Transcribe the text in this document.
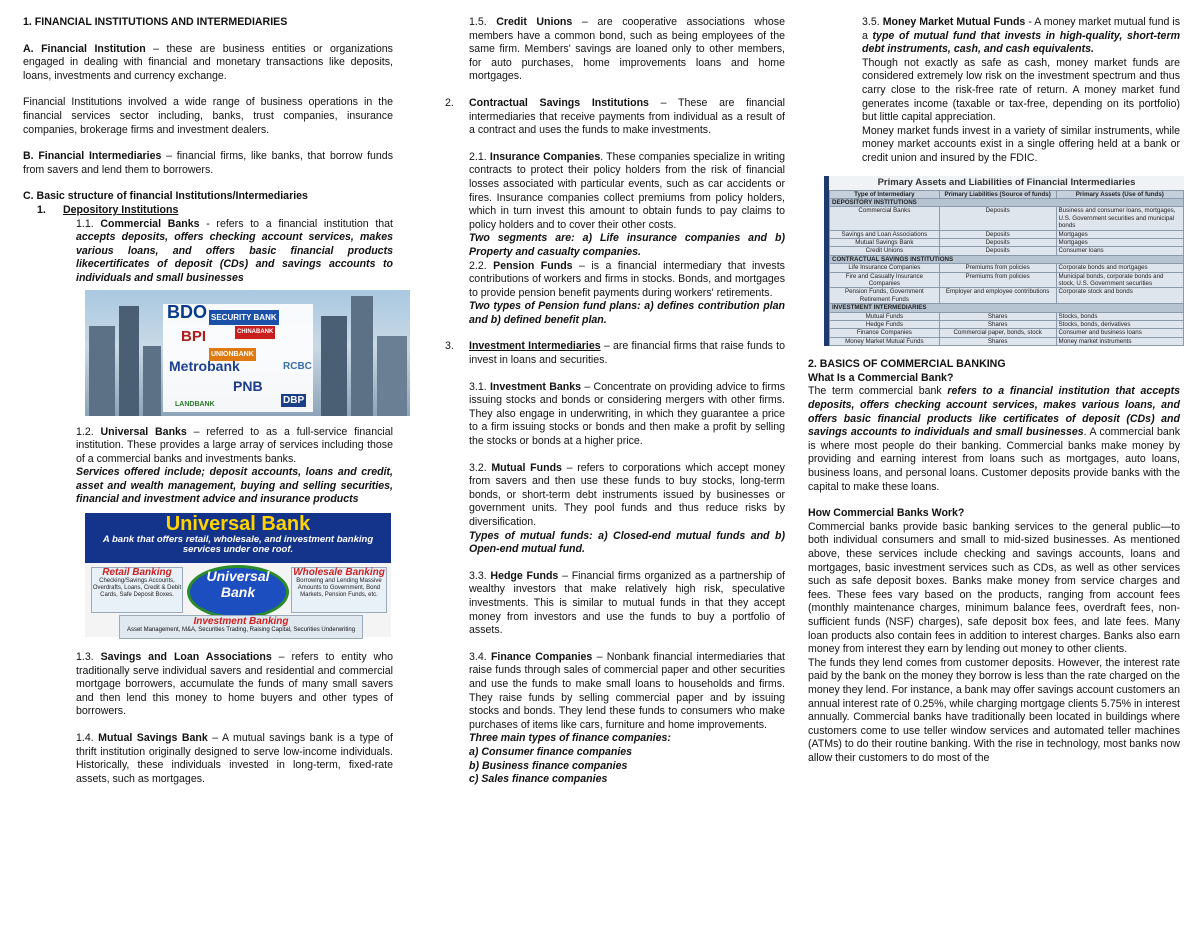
1. FINANCIAL INSTITUTIONS AND INTERMEDIARIES

A. Financial Institution – these are business entities or organizations engaged in dealing with financial and monetary transactions like deposits, loans, investments and currency exchange.

Financial Institutions involved a wide range of business operations in the financial services sector including, banks, trust companies, insurance companies, brokerage firms and investment dealers.

B. Financial Intermediaries – financial firms, like banks, that borrow funds from savers and lend them to borrowers.

C. Basic structure of financial Institutions/Intermediaries

1. Depository Institutions

1.1. Commercial Banks - refers to a financial institution that accepts deposits, offers checking account services, makes various loans, and offers basic financial products likecertificates of deposit (CDs) and savings accounts to individuals and small businesses

BDO SECURITY BANK
CHINABANK
BPI
UNIONBANK
Metrobank	RCBC
PNB
LANDBANK	DBP

1.2. Universal Banks – referred to as a full-service financial institution. These provides a large array of services including those of a commercial banks and investments banks.

Services offered include; deposit accounts, loans and credit, asset and wealth management, buying and selling securities, financial and investment advice and insurance products

Universal Bank
A bank that offers retail, wholesale, and investment banking services under one roof.
Retail Banking
Checking/Savings Accounts, Overdrafts, Loans, Credit & Debit Cards, Safe Deposit Boxes.
Universal Bank
Wholesale Banking
Borrowing and Lending Massive Amounts to Government, Bond Markets, Pension Funds, etc.
Investment Banking
Asset Management, M&A, Securities Trading, Raising Capital, Securities Underwriting

1.3. Savings and Loan Associations – refers to entity who traditionally serve individual savers and residential and commercial mortgage borrowers, accumulate the funds of many small savers and then lend this money to home buyers and other types of borrowers.

1.4. Mutual Savings Bank – A mutual savings bank is a type of thrift institution originally designed to serve low-income individuals. Historically, these individuals invested in long-term, fixed-rate assets, such as mortgages.

1.5. Credit Unions – are cooperative associations whose members have a common bond, such as being employees of the same firm. Members' savings are loaned only to other members, for auto purchases, home improvements loans and home mortgages.

2. Contractual Savings Institutions – These are financial intermediaries that receive payments from individual as a result of a contract and uses the funds to make investments.

2.1. Insurance Companies. These companies specialize in writing contracts to protect their policy holders from the risk of financial losses associated with particular events, such as car accidents or fires. Insurance companies collect premiums from policy holders, which in turn invest this amount to obtain funds to pay claims to policy holders and to cover their other costs.

Two segments are: a) Life insurance companies and b) Property and casualty companies.

2.2. Pension Funds – is a financial intermediary that invests contributions of workers and firms in stocks. Bonds, and mortgages to provide pension benefit payments during workers' retirements.

Two types of Pension fund plans: a) defines contribution plan and b) defined benefit plan.

3. Investment Intermediaries – are financial firms that raise funds to invest in loans and securities.

3.1. Investment Banks – Concentrate on providing advice to firms issuing stocks and bonds or considering mergers with other firms. They also engage in underwriting, in which they guarantee a price to a firm issuing stocks or bonds and then make a profit by selling the stocks or bonds at a higher price.

3.2. Mutual Funds – refers to corporations which accept money from savers and then use these funds to buy stocks, long-term bonds, or short-term debt instruments issued by businesses or government units. They pool funds and thus reduce risks by diversification.

Types of mutual funds: a) Closed-end mutual funds and b) Open-end mutual fund.

3.3. Hedge Funds – Financial firms organized as a partnership of wealthy investors that make relatively high risk, speculative investments. This is similar to mutual funds in that they accept money from investors and use the funds to buy a portfolio of assets.

3.4. Finance Companies – Nonbank financial intermediaries that raise funds through sales of commercial paper and other securities and use the funds to make small loans to households and firms. They raise funds by selling commercial paper and by issuing stocks and bonds. They lend these funds to consumers who make purchases of items like cars, furniture and home improvements.

Three main types of finance companies:

a) Consumer finance companies

b) Business finance companies

c) Sales finance companies

3.5. Money Market Mutual Funds - A money market mutual fund is a type of mutual fund that invests in high-quality, short-term debt instruments, cash, and cash equivalents.

Though not exactly as safe as cash, money market funds are considered extremely low risk on the investment spectrum and thus carry close to the risk-free rate of return. A money market fund generates income (taxable or tax-free, depending on its portfolio) but little capital appreciation.

Money market funds invest in a variety of similar instruments, while money market accounts exist in a single offering held at a bank or credit union and insured by the FDIC.

Primary Assets and Liabilities of Financial Intermediaries
Type of Intermediary	Primary Liabilities (Source of funds)	Primary Assets (Use of funds)
DEPOSITORY INSTITUTIONS		
Commercial Banks	Deposits	Business and consumer loans, mortgages, U.S. Government securities and municipal bonds
Savings and Loan Associations	Deposits	Mortgages
Mutual Savings Bank	Deposits	Mortgages
Credit Unions	Deposits	Consumer loans
CONTRACTUAL SAVINGS INSTITUTIONS		
Life Insurance Companies	Premiums from policies	Corporate bonds and mortgages
Fire and Casualty Insurance Companies	Premiums from policies	Municipal bonds, corporate bonds and stock, U.S. Government securities
Pension Funds, Government Retirement Funds	Employer and employee contributions	Corporate stock and bonds
INVESTMENT INTERMEDIARIES		
Mutual Funds	Shares	Stocks, bonds
Hedge Funds	Shares	Stocks, bonds, derivatives
Finance Companies	Commercial paper, bonds, stock	Consumer and business loans
Money Market Mutual Funds	Shares	Money market instruments

2. BASICS OF COMMERCIAL BANKING

What Is a Commercial Bank?

The term commercial bank refers to a financial institution that accepts deposits, offers checking account services, makes various loans, and offers basic financial products like certificates of deposit (CDs) and savings accounts to individuals and small businesses. A commercial bank is where most people do their banking. Commercial banks make money by providing and earning interest from loans such as mortgages, auto loans, business loans, and personal loans. Customer deposits provide banks with the capital to make these loans.

How Commercial Banks Work?

Commercial banks provide basic banking services to the general public—to both individual consumers and small to mid-sized businesses. As mentioned above, these services include checking and savings accounts, loans and mortgages, basic investment services such as CDs, as well as other services such as safe deposit boxes. Banks make money from service charges and fees. These fees vary based on the products, ranging from account fees (monthly maintenance charges, minimum balance fees, overdraft fees, non-sufficient funds (NSF) charges), safe deposit box fees, and late fees. Many loan products also contain fees in addition to interest charges. Banks also earn money from interest they earn by lending out money to other clients.

The funds they lend comes from customer deposits. However, the interest rate paid by the bank on the money they borrow is less than the rate charged on the money they lend. For instance, a bank may offer savings account customers an annual interest rate of 0.25%, while charging mortgage clients 5.75% in interest annually. Commercial banks have traditionally been located in buildings where customers come to use teller window services and automated teller machines (ATMs) to do their routine banking. With the rise in technology, most banks now allow their customers to do most of the
